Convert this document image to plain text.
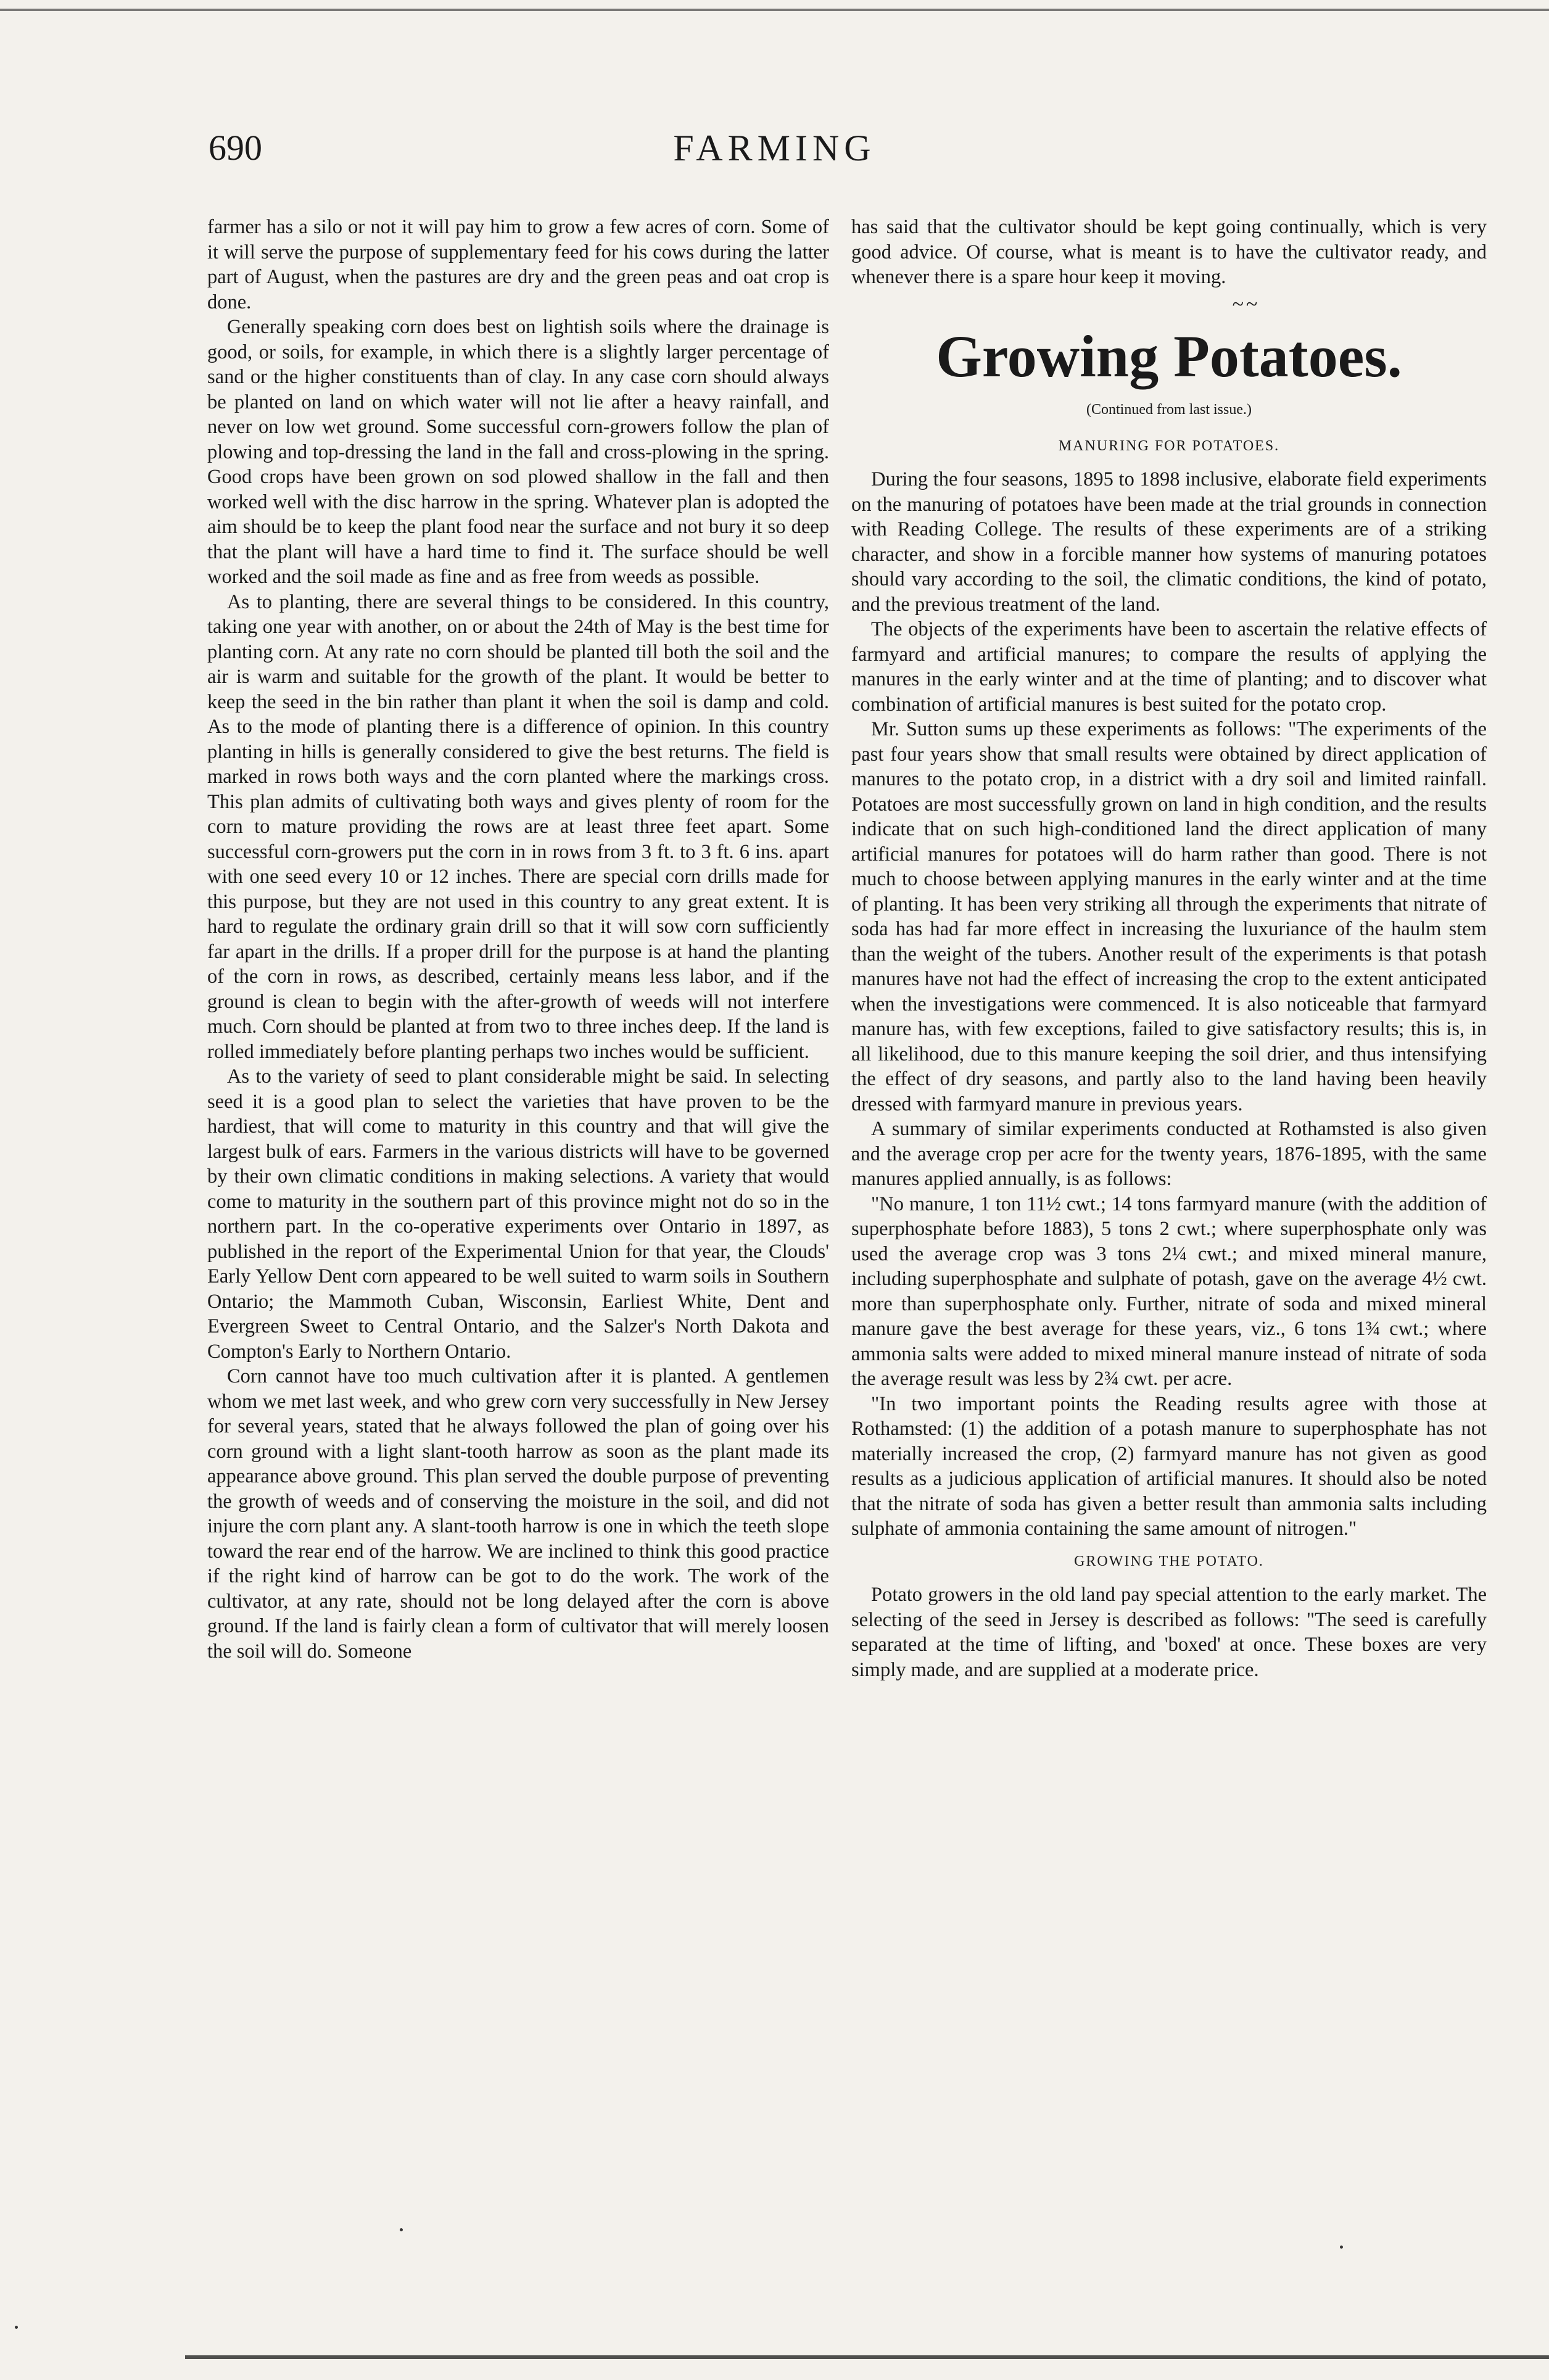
690	FARMING

farmer has a silo or not it will pay him to grow a few acres of corn. Some of it will serve the purpose of supplementary feed for his cows during the latter part of August, when the pastures are dry and the green peas and oat crop is done.

Generally speaking corn does best on lightish soils where the drainage is good, or soils, for example, in which there is a slightly larger percentage of sand or the higher constituents than of clay. In any case corn should always be planted on land on which water will not lie after a heavy rainfall, and never on low wet ground. Some successful corn-growers follow the plan of plowing and top-dressing the land in the fall and cross-plowing in the spring. Good crops have been grown on sod plowed shallow in the fall and then worked well with the disc harrow in the spring. Whatever plan is adopted the aim should be to keep the plant food near the surface and not bury it so deep that the plant will have a hard time to find it. The surface should be well worked and the soil made as fine and as free from weeds as possible.

As to planting, there are several things to be considered. In this country, taking one year with another, on or about the 24th of May is the best time for planting corn. At any rate no corn should be planted till both the soil and the air is warm and suitable for the growth of the plant. It would be better to keep the seed in the bin rather than plant it when the soil is damp and cold. As to the mode of planting there is a difference of opinion. In this country planting in hills is generally considered to give the best returns. The field is marked in rows both ways and the corn planted where the markings cross. This plan admits of cultivating both ways and gives plenty of room for the corn to mature providing the rows are at least three feet apart. Some successful corn-growers put the corn in in rows from 3 ft. to 3 ft. 6 ins. apart with one seed every 10 or 12 inches. There are special corn drills made for this purpose, but they are not used in this country to any great extent. It is hard to regulate the ordinary grain drill so that it will sow corn sufficiently far apart in the drills. If a proper drill for the purpose is at hand the planting of the corn in rows, as described, certainly means less labor, and if the ground is clean to begin with the after-growth of weeds will not interfere much. Corn should be planted at from two to three inches deep. If the land is rolled immediately before planting perhaps two inches would be sufficient.

As to the variety of seed to plant considerable might be said. In selecting seed it is a good plan to select the varieties that have proven to be the hardiest, that will come to maturity in this country and that will give the largest bulk of ears. Farmers in the various districts will have to be governed by their own climatic conditions in making selections. A variety that would come to maturity in the southern part of this province might not do so in the northern part. In the co-operative experiments over Ontario in 1897, as published in the report of the Experimental Union for that year, the Clouds' Early Yellow Dent corn appeared to be well suited to warm soils in Southern Ontario; the Mammoth Cuban, Wisconsin, Earliest White, Dent and Evergreen Sweet to Central Ontario, and the Salzer's North Dakota and Compton's Early to Northern Ontario.

Corn cannot have too much cultivation after it is planted. A gentlemen whom we met last week, and who grew corn very successfully in New Jersey for several years, stated that he always followed the plan of going over his corn ground with a light slant-tooth harrow as soon as the plant made its appearance above ground. This plan served the double purpose of preventing the growth of weeds and of conserving the moisture in the soil, and did not injure the corn plant any. A slant-tooth harrow is one in which the teeth slope toward the rear end of the harrow. We are inclined to think this good practice if the right kind of harrow can be got to do the work. The work of the cultivator, at any rate, should not be long delayed after the corn is above ground. If the land is fairly clean a form of cultivator that will merely loosen the soil will do. Someone

has said that the cultivator should be kept going continually, which is very good advice. Of course, what is meant is to have the cultivator ready, and whenever there is a spare hour keep it moving.

~~
Growing Potatoes.
(Continued from last issue.)
MANURING FOR POTATOES.

During the four seasons, 1895 to 1898 inclusive, elaborate field experiments on the manuring of potatoes have been made at the trial grounds in connection with Reading College. The results of these experiments are of a striking character, and show in a forcible manner how systems of manuring potatoes should vary according to the soil, the climatic conditions, the kind of potato, and the previous treatment of the land.

The objects of the experiments have been to ascertain the relative effects of farmyard and artificial manures; to compare the results of applying the manures in the early winter and at the time of planting; and to discover what combination of artificial manures is best suited for the potato crop.

Mr. Sutton sums up these experiments as follows: "The experiments of the past four years show that small results were obtained by direct application of manures to the potato crop, in a district with a dry soil and limited rainfall. Potatoes are most successfully grown on land in high condition, and the results indicate that on such high-conditioned land the direct application of many artificial manures for potatoes will do harm rather than good. There is not much to choose between applying manures in the early winter and at the time of planting. It has been very striking all through the experiments that nitrate of soda has had far more effect in increasing the luxuriance of the haulm stem than the weight of the tubers. Another result of the experiments is that potash manures have not had the effect of increasing the crop to the extent anticipated when the investigations were commenced. It is also noticeable that farmyard manure has, with few exceptions, failed to give satisfactory results; this is, in all likelihood, due to this manure keeping the soil drier, and thus intensifying the effect of dry seasons, and partly also to the land having been heavily dressed with farmyard manure in previous years.

A summary of similar experiments conducted at Rothamsted is also given and the average crop per acre for the twenty years, 1876-1895, with the same manures applied annually, is as follows:

"No manure, 1 ton 11½ cwt.; 14 tons farmyard manure (with the addition of superphosphate before 1883), 5 tons 2 cwt.; where superphosphate only was used the average crop was 3 tons 2¼ cwt.; and mixed mineral manure, including superphosphate and sulphate of potash, gave on the average 4½ cwt. more than superphosphate only. Further, nitrate of soda and mixed mineral manure gave the best average for these years, viz., 6 tons 1¾ cwt.; where ammonia salts were added to mixed mineral manure instead of nitrate of soda the average result was less by 2¾ cwt. per acre.

"In two important points the Reading results agree with those at Rothamsted: (1) the addition of a potash manure to superphosphate has not materially increased the crop, (2) farmyard manure has not given as good results as a judicious application of artificial manures. It should also be noted that the nitrate of soda has given a better result than ammonia salts including sulphate of ammonia containing the same amount of nitrogen."

GROWING THE POTATO.

Potato growers in the old land pay special attention to the early market. The selecting of the seed in Jersey is described as follows: "The seed is carefully separated at the time of lifting, and 'boxed' at once. These boxes are very simply made, and are supplied at a moderate price.
